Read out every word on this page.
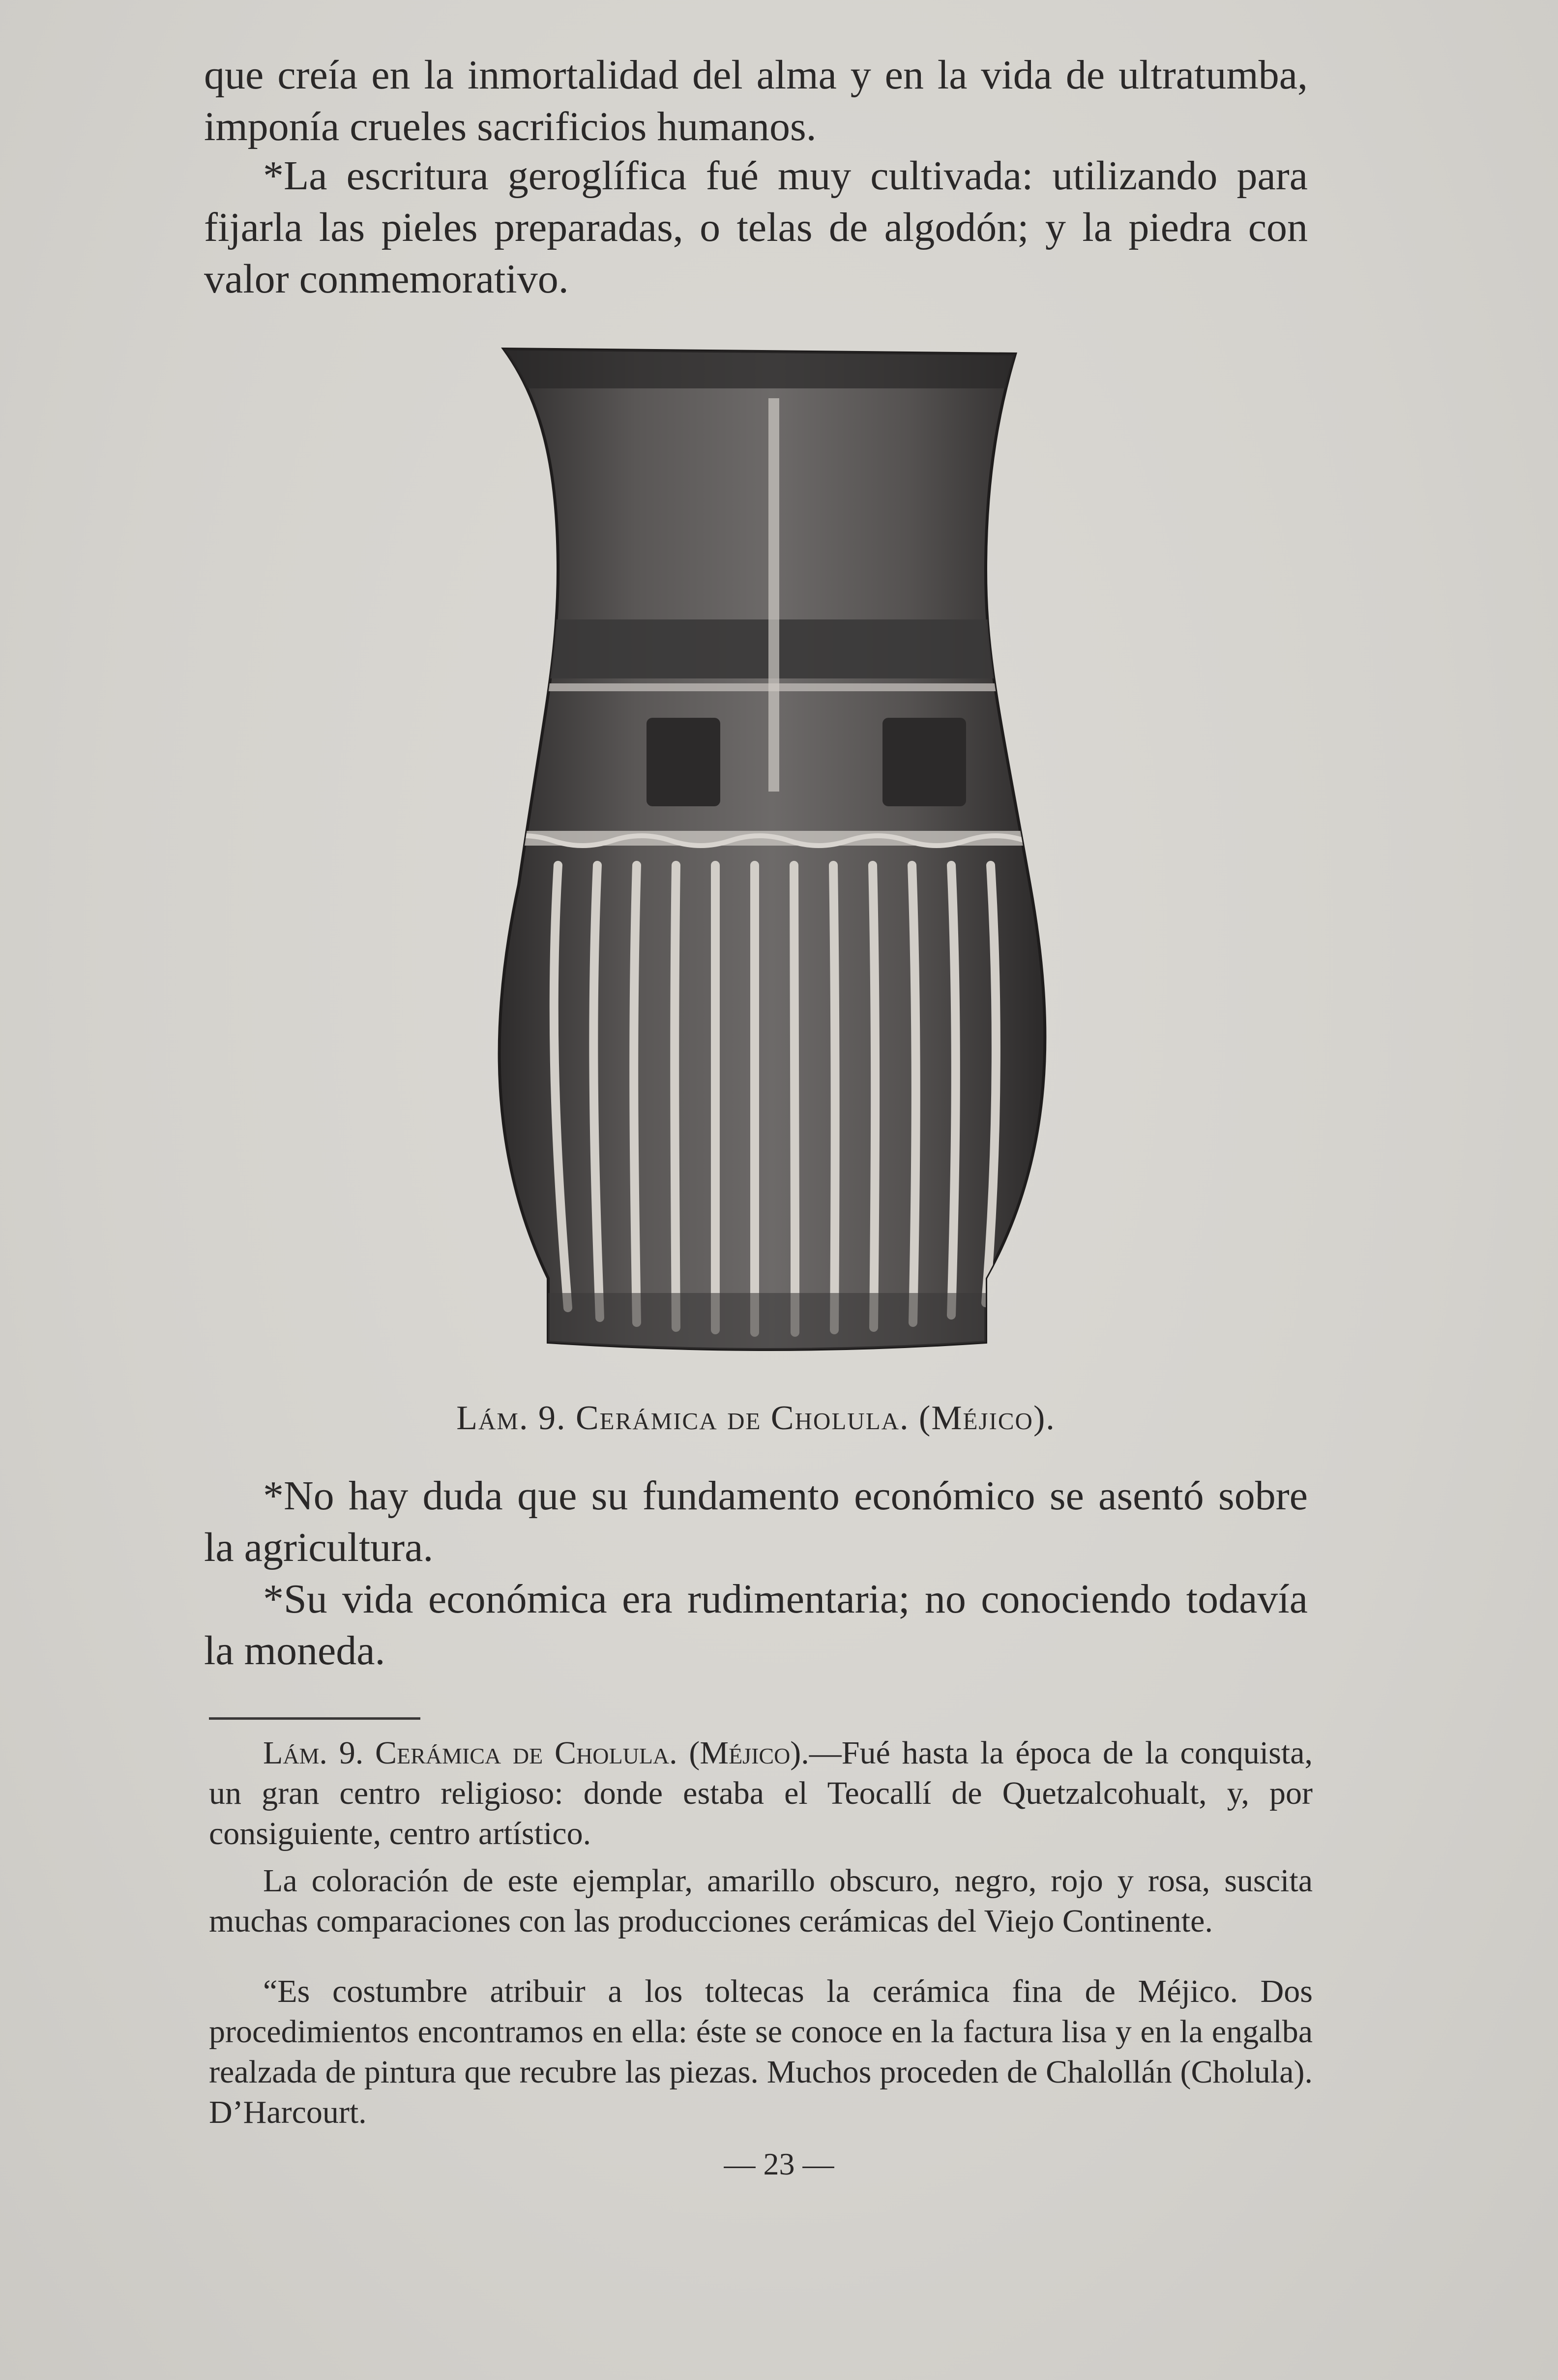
que creía en la inmortalidad del alma y en la vida de ultratumba, imponía crueles sacrificios humanos.

*La escritura geroglífica fué muy cultivada: utilizando para fijarla las pieles preparadas, o telas de algodón; y la piedra con valor conmemorativo.

Lám. 9. Cerámica de Cholula. (Méjico).

*No hay duda que su fundamento económico se asentó sobre la agricultura.

*Su vida económica era rudimentaria; no conociendo todavía la moneda.

Lám. 9. Cerámica de Cholula. (Méjico).—Fué hasta la época de la conquista, un gran centro religioso: donde estaba el Teocallí de Quetzalcohualt, y, por consiguiente, centro artístico.

La coloración de este ejemplar, amarillo obscuro, negro, rojo y rosa, suscita muchas comparaciones con las producciones cerámicas del Viejo Continente.

“Es costumbre atribuir a los toltecas la cerámica fina de Méjico. Dos procedimientos encontramos en ella: éste se conoce en la factura lisa y en la engalba realzada de pintura que recubre las piezas. Muchos proceden de Chalollán (Cholula). D’Harcourt.

— 23 —
